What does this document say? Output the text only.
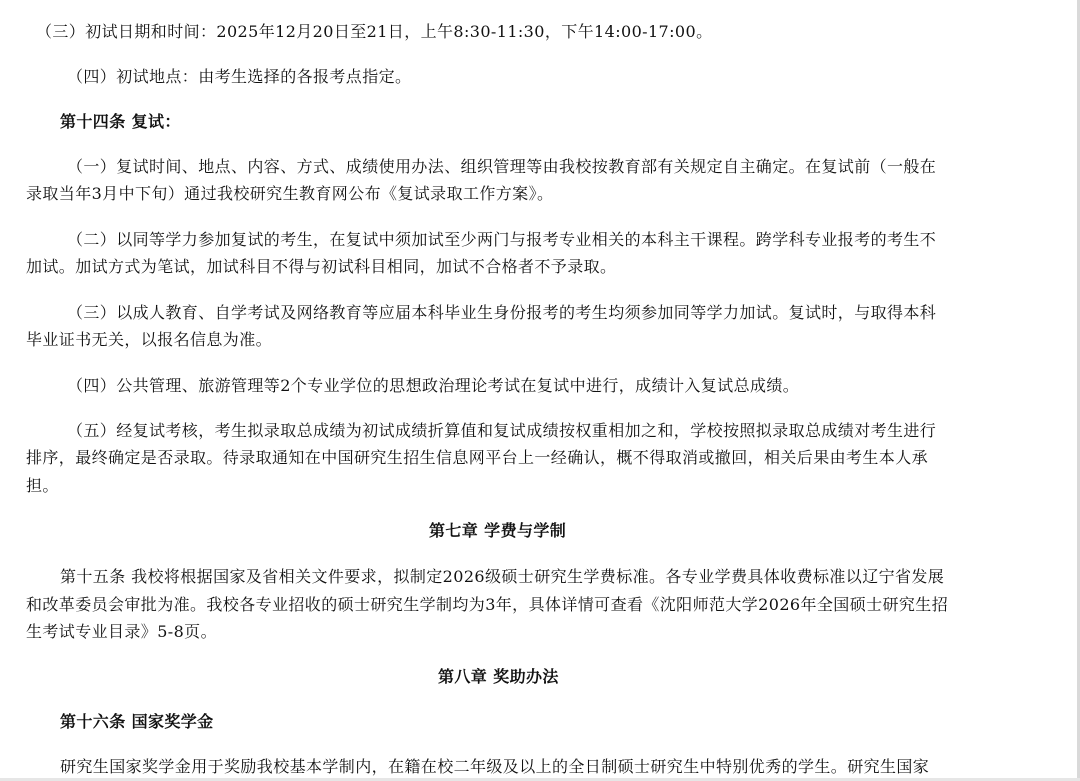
（三）初试日期和时间：2025年12月20日至21日，上午8:30-11:30，下午14:00-17:00。
（四）初试地点：由考生选择的各报考点指定。
第十四条 复试：
（一）复试时间、地点、内容、方式、成绩使用办法、组织管理等由我校按教育部有关规定自主确定。在复试前（一般在
录取当年3月中下旬）通过我校研究生教育网公布《复试录取工作方案》。
（二）以同等学力参加复试的考生，在复试中须加试至少两门与报考专业相关的本科主干课程。跨学科专业报考的考生不
加试。加试方式为笔试，加试科目不得与初试科目相同，加试不合格者不予录取。
（三）以成人教育、自学考试及网络教育等应届本科毕业生身份报考的考生均须参加同等学力加试。复试时，与取得本科
毕业证书无关，以报名信息为准。
（四）公共管理、旅游管理等2个专业学位的思想政治理论考试在复试中进行，成绩计入复试总成绩。
（五）经复试考核，考生拟录取总成绩为初试成绩折算值和复试成绩按权重相加之和，学校按照拟录取总成绩对考生进行
排序，最终确定是否录取。待录取通知在中国研究生招生信息网平台上一经确认，概不得取消或撤回，相关后果由考生本人承
担。
第七章 学费与学制
第十五条 我校将根据国家及省相关文件要求，拟制定2026级硕士研究生学费标准。各专业学费具体收费标准以辽宁省发展
和改革委员会审批为准。我校各专业招收的硕士研究生学制均为3年，具体详情可查看《沈阳师范大学2026年全国硕士研究生招
生考试专业目录》5-8页。
第八章 奖助办法
第十六条 国家奖学金
研究生国家奖学金用于奖励我校基本学制内，在籍在校二年级及以上的全日制硕士研究生中特别优秀的学生。研究生国家
